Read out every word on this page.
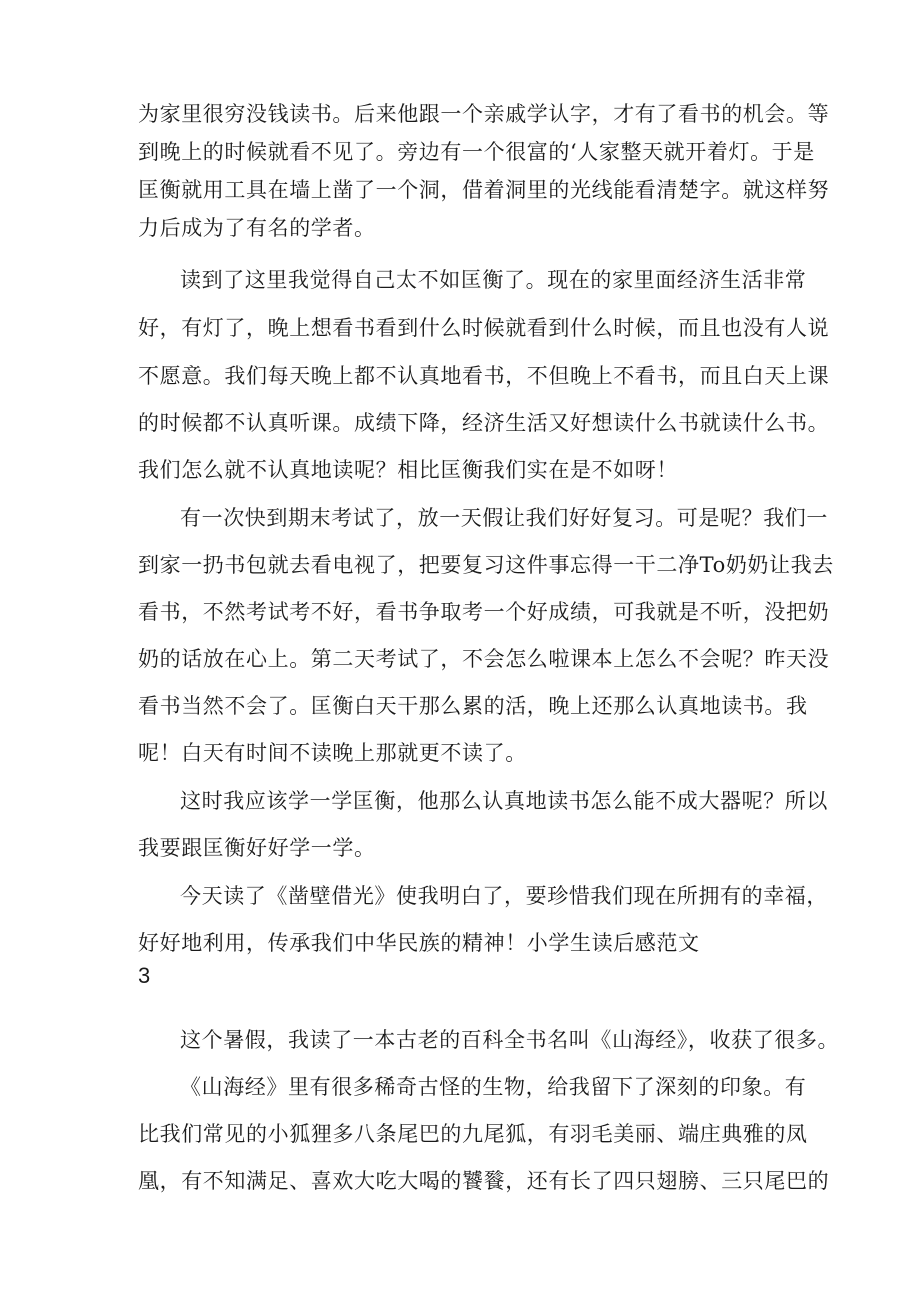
为家里很穷没钱读书。后来他跟一个亲戚学认字，才有了看书的机会。等
到晚上的时候就看不见了。旁边有一个很富的‘人家整天就开着灯。于是
匡衡就用工具在墙上凿了一个洞，借着洞里的光线能看清楚字。就这样努
力后成为了有名的学者。
读到了这里我觉得自己太不如匡衡了。现在的家里面经济生活非常
好，有灯了，晚上想看书看到什么时候就看到什么时候，而且也没有人说
不愿意。我们每天晚上都不认真地看书，不但晚上不看书，而且白天上课
的时候都不认真听课。成绩下降，经济生活又好想读什么书就读什么书。
我们怎么就不认真地读呢？相比匡衡我们实在是不如呀！
有一次快到期末考试了，放一天假让我们好好复习。可是呢？我们一
到家一扔书包就去看电视了，把要复习这件事忘得一干二净To奶奶让我去
看书，不然考试考不好，看书争取考一个好成绩，可我就是不听，没把奶
奶的话放在心上。第二天考试了，不会怎么啦课本上怎么不会呢？昨天没
看书当然不会了。匡衡白天干那么累的活，晚上还那么认真地读书。我
呢！白天有时间不读晚上那就更不读了。
这时我应该学一学匡衡，他那么认真地读书怎么能不成大器呢？所以
我要跟匡衡好好学一学。
今天读了《凿壁借光》使我明白了，要珍惜我们现在所拥有的幸福，
好好地利用，传承我们中华民族的精神！小学生读后感范文
3
这个暑假，我读了一本古老的百科全书名叫《山海经》，收获了很多。
《山海经》里有很多稀奇古怪的生物，给我留下了深刻的印象。有
比我们常见的小狐狸多八条尾巴的九尾狐，有羽毛美丽、端庄典雅的凤
凰，有不知满足、喜欢大吃大喝的饕餮，还有长了四只翅膀、三只尾巴的
